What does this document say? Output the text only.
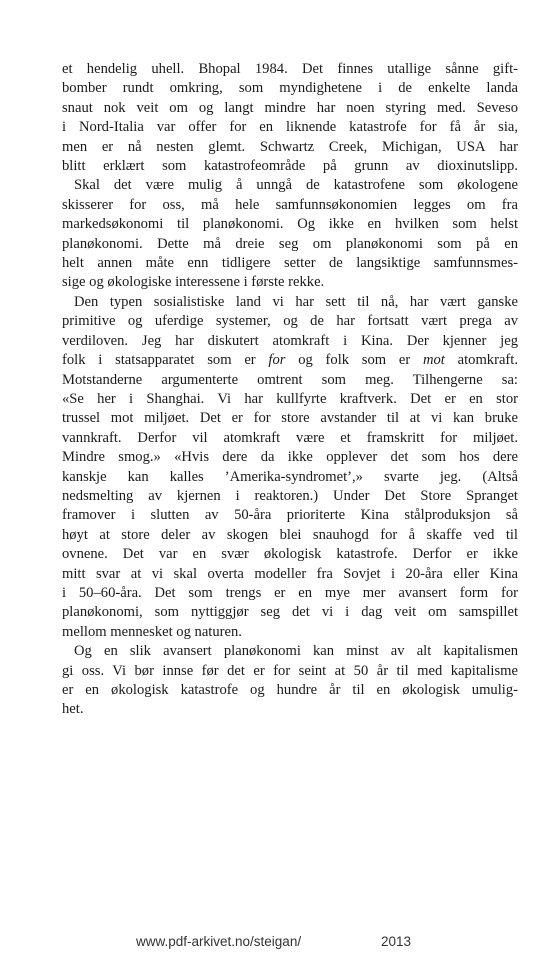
et hendelig uhell. Bhopal 1984. Det finnes utallige sånne gift-
bomber rundt omkring, som myndighetene i de enkelte landa
snaut nok veit om og langt mindre har noen styring med. Seveso
i Nord-Italia var offer for en liknende katastrofe for få år sia,
men er nå nesten glemt. Schwartz Creek, Michigan, USA har
blitt erklært som katastrofeområde på grunn av dioxinutslipp.
Skal det være mulig å unngå de katastrofene som økologene
skisserer for oss, må hele samfunnsøkonomien legges om fra
markedsøkonomi til planøkonomi. Og ikke en hvilken som helst
planøkonomi. Dette må dreie seg om planøkonomi som på en
helt annen måte enn tidligere setter de langsiktige samfunnsmes-
sige og økologiske interessene i første rekke.
Den typen sosialistiske land vi har sett til nå, har vært ganske
primitive og uferdige systemer, og de har fortsatt vært prega av
verdiloven. Jeg har diskutert atomkraft i Kina. Der kjenner jeg
folk i statsapparatet som er for og folk som er mot atomkraft.
Motstanderne argumenterte omtrent som meg. Tilhengerne sa:
«Se her i Shanghai. Vi har kullfyrte kraftverk. Det er en stor
trussel mot miljøet. Det er for store avstander til at vi kan bruke
vannkraft. Derfor vil atomkraft være et framskritt for miljøet.
Mindre smog.» «Hvis dere da ikke opplever det som hos dere
kanskje kan kalles ’Amerika-syndromet’,» svarte jeg. (Altså
nedsmelting av kjernen i reaktoren.) Under Det Store Spranget
framover i slutten av 50-åra prioriterte Kina stålproduksjon så
høyt at store deler av skogen blei snauhogd for å skaffe ved til
ovnene. Det var en svær økologisk katastrofe. Derfor er ikke
mitt svar at vi skal overta modeller fra Sovjet i 20-åra eller Kina
i 50–60-åra. Det som trengs er en mye mer avansert form for
planøkonomi, som nyttiggjør seg det vi i dag veit om samspillet
mellom mennesket og naturen.
Og en slik avansert planøkonomi kan minst av alt kapitalismen
gi oss. Vi bør innse før det er for seint at 50 år til med kapitalisme
er en økologisk katastrofe og hundre år til en økologisk umulig-
het.
www.pdf-arkivet.no/steigan/	2013
